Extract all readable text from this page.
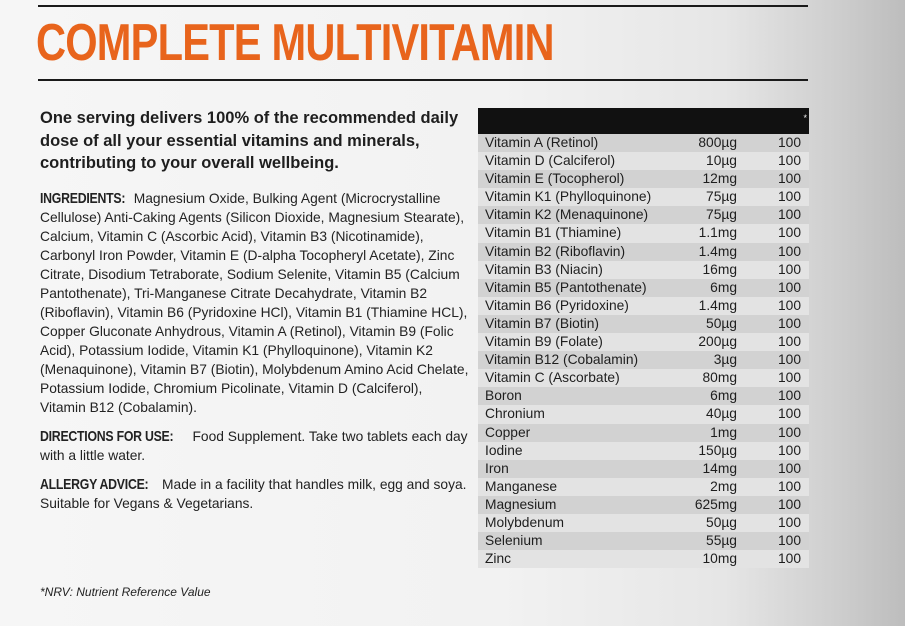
COMPLETE MULTIVITAMIN

One serving delivers 100% of the recommended daily dose of all your essential vitamins and minerals, contributing to your overall wellbeing.

INGREDIENTS: Magnesium Oxide, Bulking Agent (Microcrystalline Cellulose) Anti-Caking Agents (Silicon Dioxide, Magnesium Stearate), Calcium, Vitamin C (Ascorbic Acid), Vitamin B3 (Nicotinamide), Carbonyl Iron Powder, Vitamin E (D-alpha Tocopheryl Acetate), Zinc Citrate, Disodium Tetraborate, Sodium Selenite, Vitamin B5 (Calcium Pantothenate), Tri-Manganese Citrate Decahydrate, Vitamin B2 (Riboflavin), Vitamin B6 (Pyridoxine HCl), Vitamin B1 (Thiamine HCL), Copper Gluconate Anhydrous, Vitamin A (Retinol), Vitamin B9 (Folic Acid), Potassium Iodide, Vitamin K1 (Phylloquinone), Vitamin K2 (Menaquinone), Vitamin B7 (Biotin), Molybdenum Amino Acid Chelate, Potassium Iodide, Chromium Picolinate, Vitamin D (Calciferol), Vitamin B12 (Cobalamin).

DIRECTIONS FOR USE: Food Supplement. Take two tablets each day with a little water.

ALLERGY ADVICE: Made in a facility that handles milk, egg and soya. Suitable for Vegans & Vegetarians.

*NRV: Nutrient Reference Value
*
Vitamin A (Retinol)	800µg	100
Vitamin D (Calciferol)	10µg	100
Vitamin E (Tocopherol)	12mg	100
Vitamin K1 (Phylloquinone)	75µg	100
Vitamin K2 (Menaquinone)	75µg	100
Vitamin B1 (Thiamine)	1.1mg	100
Vitamin B2 (Riboflavin)	1.4mg	100
Vitamin B3 (Niacin)	16mg	100
Vitamin B5 (Pantothenate)	6mg	100
Vitamin B6 (Pyridoxine)	1.4mg	100
Vitamin B7 (Biotin)	50µg	100
Vitamin B9 (Folate)	200µg	100
Vitamin B12 (Cobalamin)	3µg	100
Vitamin C (Ascorbate)	80mg	100
Boron	6mg	100
Chronium	40µg	100
Copper	1mg	100
Iodine	150µg	100
Iron	14mg	100
Manganese	2mg	100
Magnesium	625mg	100
Molybdenum	50µg	100
Selenium	55µg	100
Zinc	10mg	100
